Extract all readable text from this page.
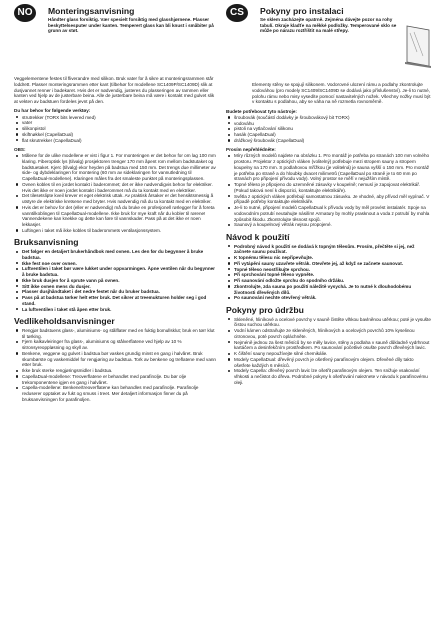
NO	Monteringsanvisning
Håndter glass forsiktig. Vær spesielt forsiktig med glasshjørnene. Plasser beskyttelsesputer under kanten. Temperert glass kan bli knust i småbiter på grunn av støt.

Veggelementene festes til fliverandre med silikon. Bruk vater for å sikre at monteringsrammen står loddrett. Plasser monteringsrammen etter kant (tilbehør for modellene SC1409P/SC1409D) slik at dusjvannet renner i badekaret. Hvis det er nødvendig, justeres du plasseringen av rammen eller kanten ved hjelp av de justerbare beina. Alle de justerbare beina må være i kontakt med gulvet slik at vekten av badstuen fordeles jevnt på den.

Du har behov for følgende verktøy:

strutrekker (TORX bits levered med)
vater
silikonpistol
skiftnøkkel (CapellaDual)
flat skrutrekker (CapellaDual)

OBS:

Målene for de ulike modellene er vist i figur 1. For monteringen er det behov for om lag 100 mm klaring. Fiberoptisk lys (tilvalg) prosjektoren trenger 170 mm åpent rom mellom badstutaket og badstuetaket. Kjerc (tilvalg) ekor heyden på badstua med 150 mm. Det trengs due millimeter av side- og dybdeklaringen for montering (60 mm av sideklaringen for vannutledning til CapellaDual-modellene). Klaringen måles fra det smaleste punktet på monteringsplassen.
Ovnen kobles til en jordet kontakt i baderommet; det er ikke nødvendigvis behov for elektriker. Hvis det ikke er noen jordet kontakt i baderommet må du ta kontakt med en elektriker.
Det tilesetslipte kveil krever et eget elektrisk uttak. Av praktisk årsaker er det hensiktsmessig å utstyre de elektriske kretsene med bryter. Hvis nødvendig må du ta kontakt med en elektriker.
Hvis det er behov for det (eller er nødvendig) må du bruke en profesjonell rørlegger for å foreta vanntilkoblingen til CapellaDual-modellene. Ikke bruk for mye kraft når du kobler til rørene! Vannendekene kan knekke og dette kan føre til vannskader. Pass på at det ikke er noen lekkasjer.
Luftingen i taket må ikke kobles til baderommets ventilasjonssystem.
Bruksanvisning
Det følger en detaljert brukerhåndbok med ovnen. Les den før du begynner å bruke badstua.
Ikke fest noe over ovnen.
Luftventilen i taket bør være lukket under oppvarmingen. Åpne ventilen når du begynner å bruke badstua.
Ikke bruk dusjen for å sprute vann på ovnen.
Sitt ikke ovnen mens du dusjer.
Plasser dusjhåndtaket i det nedre festet når du bruker badstua.
Pass på at badstua tørker helt etter bruk. Det sikrer at treemukturen holder seg i god stand.
La luftventilen i taket stå åpen etter bruk.
Vedlikeholdsanvisninger
Rengjør badstuens glass-, aluminiums- og stålflater med en fuktig bomullsklut; bruk en tørr klut til tørking.
Fjern kalkavleiringer fra glass-, aluminiums og stålverflatene ved hjelp av 10 % sitronsyreoppløsning og skyll av.
Benkene, veggene og gulvet i badstua bør vaskes grundig minst en gang i halvåret. Bruk skumbørste og vaskemiddel for rengjøring av badstua. Tork av benkene og treflatene med vann etter bruk.
Ikke bruk sterke rengjøringsmidler i badstua.
CapellaDual-modellene: Treoverflatene er behandlet med parafinolje. Du bør olje trekomponentene igjen en gang i halvåret.
Capella-modellene: Benkene/treoverflatene kan behandles med parafinolje. Parafinolje reduserer opptaket av fukt og smuss i treet. Mer detaljert informasjon finner du på bruksanvisningen for parafinoljen.
CS	Pokyny pro instalaci
Se sklem zacházejte opatrně. Zejména dávejte pozor na rohy tabulí. Okraje kladťe na měkké podložky. Temperované sklo se může po nárazu roztříštit na malé střepy.

Elementy stěny se spojují silikonem. Vodorovné ulození rámu a podlahy zkontrolujte vodováhou (pro modely SC1409/SC1409D se dodává jako příslušenství). Je-li to nutné, polohu rámu nebo misy vysedíte pomocí nastavitelných nožek. Všechny nožky musí být v kontaktu s podlahou, aby se váha na ně rozmetla rovnoměrně.

Budete potřebovat tyto nástroje:

šroubovák (součástí dodávky je šroubovákový bit TORX)
vodováhu
pistoli na vytlačování silikonu
hasák (CapellaDual)
drážkový šroubovák (CapellaDual)

Prosím nepřehlédněte:

Míry různých modelů najdete na obrázku 1. Pro montáž je potřeba po stranách 100 mm volného prostoru. Projektor z optických vláken (volitelný) potřebuje mezi stropem sauny a stropem koupelny na 170 mm. S podlahovou mřížkou (je volitelná) je sauna vyšší o 150 mm. Pro montáž je potřeba po straně a do hloubky dvacet milimetrů (CapellaDual po straně je to 60 mm po stranách pro připojení přívodu vody). Volný prostor se měří v nejužším místě.
Topné těleso je připojeno do uzemněné zásuvky v koupelně; nemusí je zapojovat elektrikář. (Pokud taková není k dispozici, kontaktujte elektrikáře).
Světla z optických vláken potřebují samostatnou zásuvku. Je vhodné, aby přívod měl vypínač. V případě potřeby kontaktujte elektrikáře.
Je-li to nutné, připojení modelů CapellaDual k přívodu vody by měl provést instalatér. Spoje na vodovodním potrubí neutahujte násilím! Armatury by mohly prasknout a voda z potrubí by mohla způsobit škodu. Zkontrolujte těsnost spojů.
Saunový a koupelnový větrák nejsou propojené.
Návod k použití
Podrobný návod k použití se dodává k topným tělesům. Prosím, přečtěte si jej, než začnete saunu používat.
K topnému tělesu nic nepřipevňujte.
Při vytápění sauny uzavřete větrák. Otevřete jej, až když se začnete saunovat.
Topné těleso neostřikujte sprchou.
Při sprchování topné těleso vypněte.
Při saunování odložte sprchu do spodního držáku.
Zkontrolujte, zda sauna po použití náležitě vysychá. Je to nutné k dlouhodobému životnosti dřevěných dílů.
Po saunování nechte otevřený větrák.
Pokyny pro údržbu
Skleněné, hliníkové a ocelové povrchy v sauně čistěte vlhkou bavlněnou utěrkou; poté je vysušte čistou suchou utěrkou.
Vodní kámen odstraňujte ze skleněných, hliníkových a ocelových povrchů 10% kyselinou citronovou, poté povrch opláchněte.
Nejméně jednou za šest měsíců by se měly lavice, stěny a podlaha v sauně důkladně vydrhnout kartáčem a desinfekčním prostředkem. Po saunování početlivé osušte povrch dřevěných lavic.
K čištění sauny nepoužívejte silné chemikálie.
Modely CapellaDual: dřevěný povrch je ošetřený parafinovým olejem. Dřevěné díly takto ošetřete každých 6 měsíců.
Modely Capella: dřevěný povrch lavic lze ošetřit parafinovým olejem. Ten snižuje vsakování vlhkosti a nečistot do dřeva. Podrobné pokyny k ošetřování naleznete v návodu k parafinovému oleji.
